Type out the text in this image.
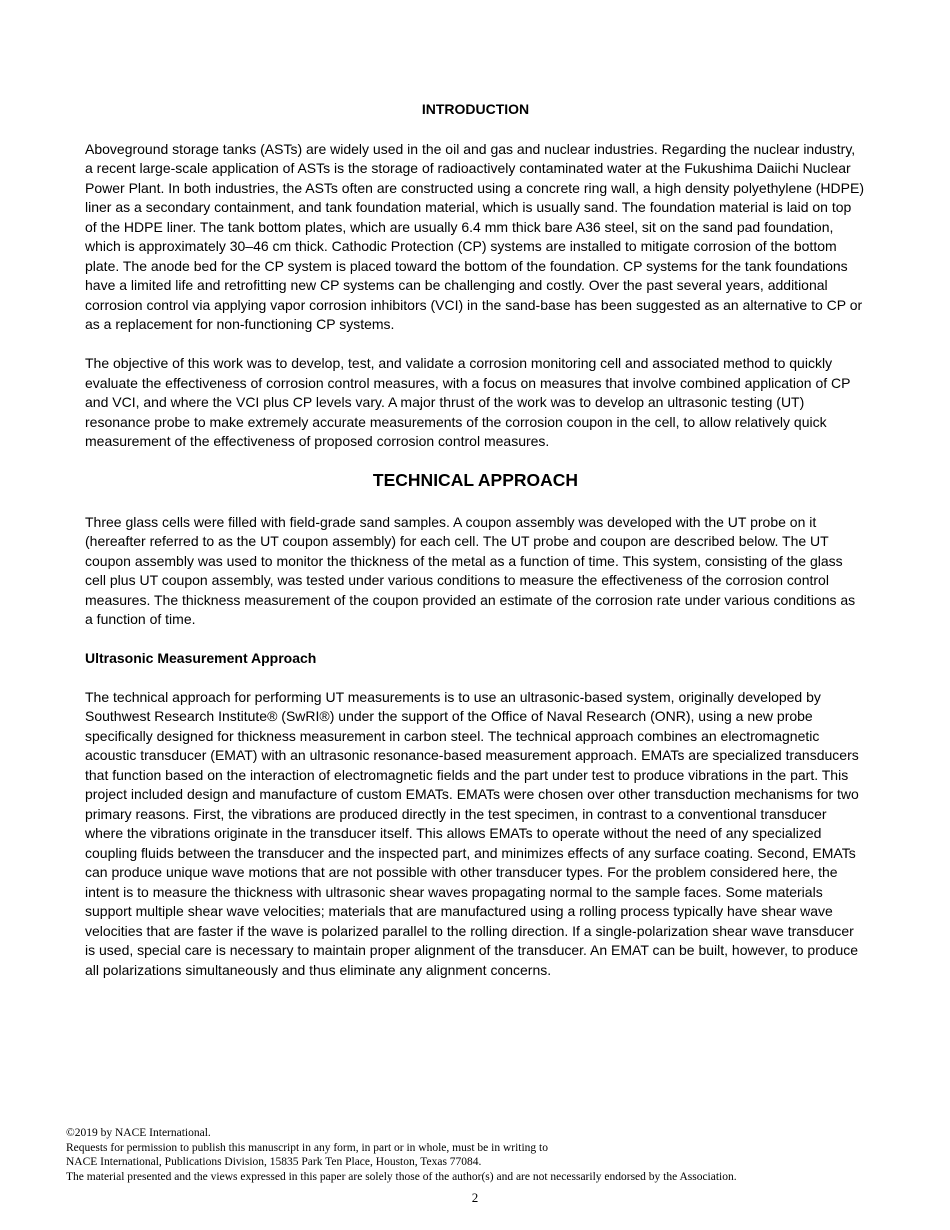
INTRODUCTION

Aboveground storage tanks (ASTs) are widely used in the oil and gas and nuclear industries. Regarding the nuclear industry, a recent large-scale application of ASTs is the storage of radioactively contaminated water at the Fukushima Daiichi Nuclear Power Plant. In both industries, the ASTs often are constructed using a concrete ring wall, a high density polyethylene (HDPE) liner as a secondary containment, and tank foundation material, which is usually sand. The foundation material is laid on top of the HDPE liner. The tank bottom plates, which are usually 6.4 mm thick bare A36 steel, sit on the sand pad foundation, which is approximately 30–46 cm thick. Cathodic Protection (CP) systems are installed to mitigate corrosion of the bottom plate. The anode bed for the CP system is placed toward the bottom of the foundation. CP systems for the tank foundations have a limited life and retrofitting new CP systems can be challenging and costly. Over the past several years, additional corrosion control via applying vapor corrosion inhibitors (VCI) in the sand-base has been suggested as an alternative to CP or as a replacement for non-functioning CP systems.

The objective of this work was to develop, test, and validate a corrosion monitoring cell and associated method to quickly evaluate the effectiveness of corrosion control measures, with a focus on measures that involve combined application of CP and VCI, and where the VCI plus CP levels vary. A major thrust of the work was to develop an ultrasonic testing (UT) resonance probe to make extremely accurate measurements of the corrosion coupon in the cell, to allow relatively quick measurement of the effectiveness of proposed corrosion control measures.

TECHNICAL APPROACH

Three glass cells were filled with field-grade sand samples. A coupon assembly was developed with the UT probe on it (hereafter referred to as the UT coupon assembly) for each cell. The UT probe and coupon are described below. The UT coupon assembly was used to monitor the thickness of the metal as a function of time. This system, consisting of the glass cell plus UT coupon assembly, was tested under various conditions to measure the effectiveness of the corrosion control measures. The thickness measurement of the coupon provided an estimate of the corrosion rate under various conditions as a function of time.

Ultrasonic Measurement Approach

The technical approach for performing UT measurements is to use an ultrasonic-based system, originally developed by Southwest Research Institute® (SwRI®) under the support of the Office of Naval Research (ONR), using a new probe specifically designed for thickness measurement in carbon steel. The technical approach combines an electromagnetic acoustic transducer (EMAT) with an ultrasonic resonance-based measurement approach. EMATs are specialized transducers that function based on the interaction of electromagnetic fields and the part under test to produce vibrations in the part. This project included design and manufacture of custom EMATs. EMATs were chosen over other transduction mechanisms for two primary reasons. First, the vibrations are produced directly in the test specimen, in contrast to a conventional transducer where the vibrations originate in the transducer itself. This allows EMATs to operate without the need of any specialized coupling fluids between the transducer and the inspected part, and minimizes effects of any surface coating. Second, EMATs can produce unique wave motions that are not possible with other transducer types. For the problem considered here, the intent is to measure the thickness with ultrasonic shear waves propagating normal to the sample faces. Some materials support multiple shear wave velocities; materials that are manufactured using a rolling process typically have shear wave velocities that are faster if the wave is polarized parallel to the rolling direction. If a single-polarization shear wave transducer is used, special care is necessary to maintain proper alignment of the transducer. An EMAT can be built, however, to produce all polarizations simultaneously and thus eliminate any alignment concerns.

©2019 by NACE International.
Requests for permission to publish this manuscript in any form, in part or in whole, must be in writing to
NACE International, Publications Division, 15835 Park Ten Place, Houston, Texas 77084.
The material presented and the views expressed in this paper are solely those of the author(s) and are not necessarily endorsed by the Association.
2
